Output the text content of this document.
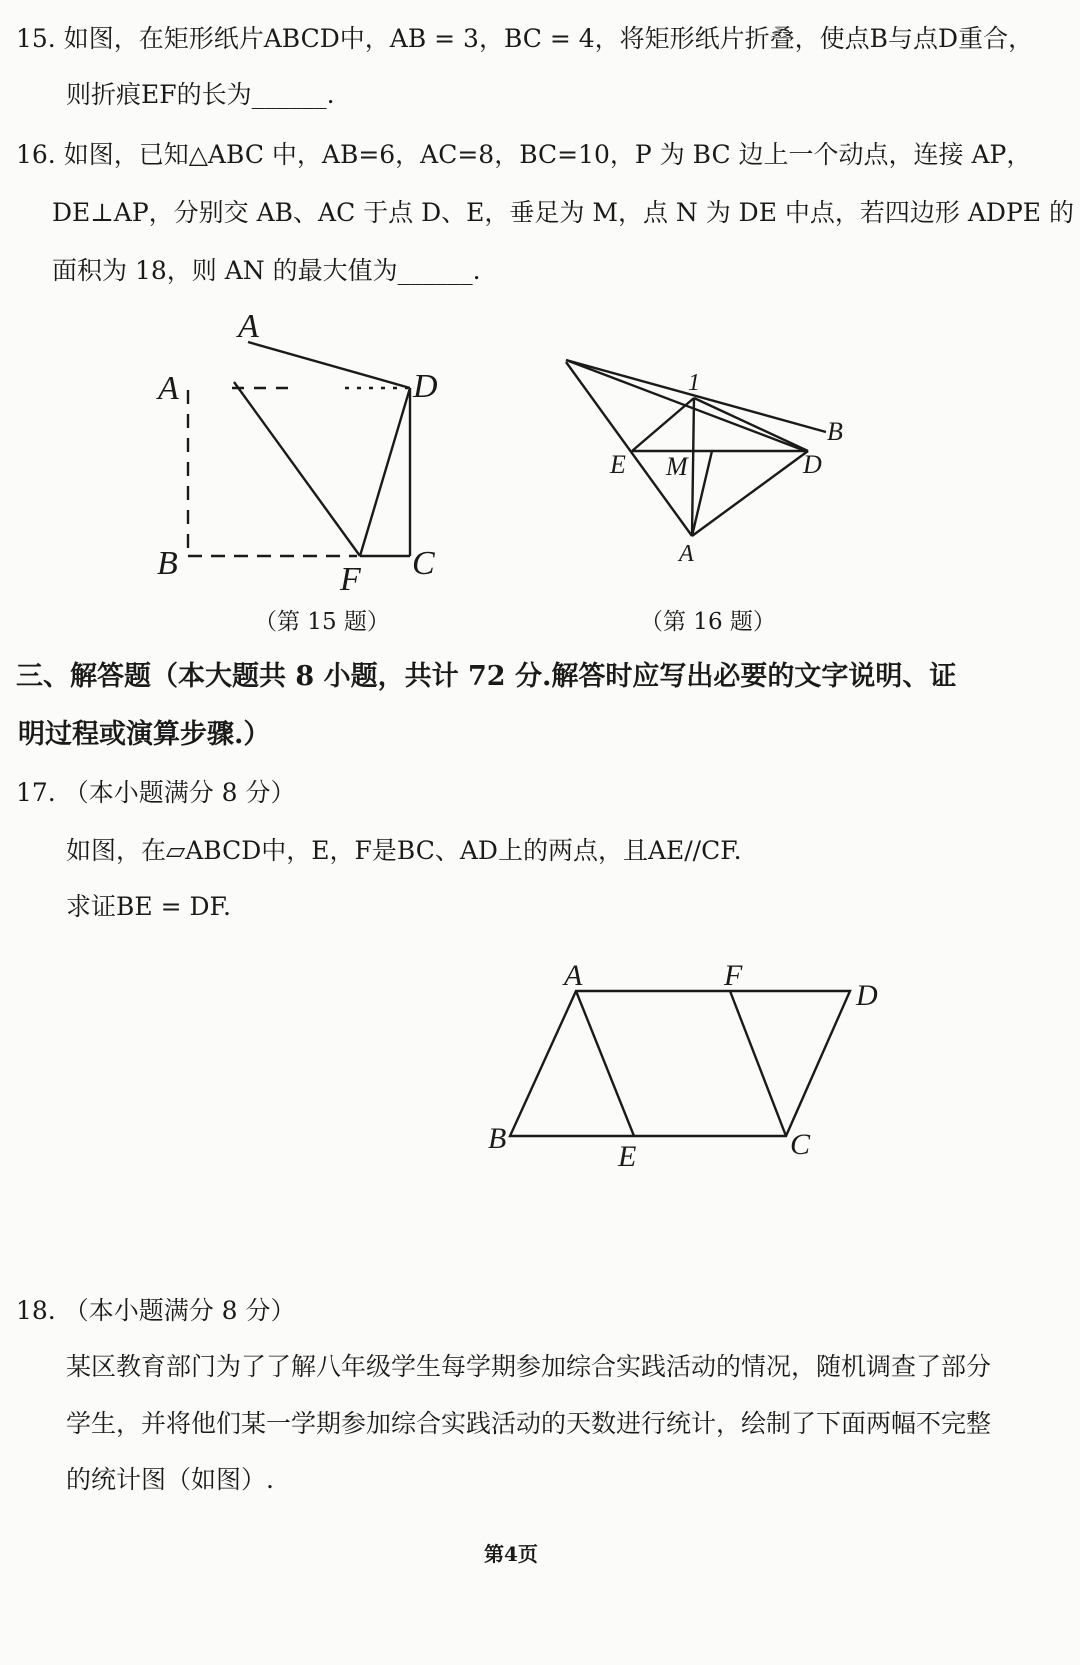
15. 如图，在矩形纸片ABCD中，AB = 3，BC = 4，将矩形纸片折叠，使点B与点D重合，
则折痕EF的长为______.
16. 如图，已知△ABC 中，AB=6，AC=8，BC=10，P 为 BC 边上一个动点，连接 AP，
DE⊥AP，分别交 AB、AC 于点 D、E，垂足为 M，点 N 为 DE 中点，若四边形 ADPE 的
面积为 18，则 AN 的最大值为______.
A
A	D
B	C
F
（第 15 题）
1
B
E M	D
A
（第 16 题）
三、解答题（本大题共 8 小题，共计 72 分.解答时应写出必要的文字说明、证
明过程或演算步骤.）
17. （本小题满分 8 分）
如图，在▱ABCD中，E，F是BC、AD上的两点，且AE//CF.
求证BE = DF.
A	F
D
B
E	C
18. （本小题满分 8 分）
某区教育部门为了了解八年级学生每学期参加综合实践活动的情况，随机调查了部分
学生，并将他们某一学期参加综合实践活动的天数进行统计，绘制了下面两幅不完整
的统计图（如图）.
第4页
